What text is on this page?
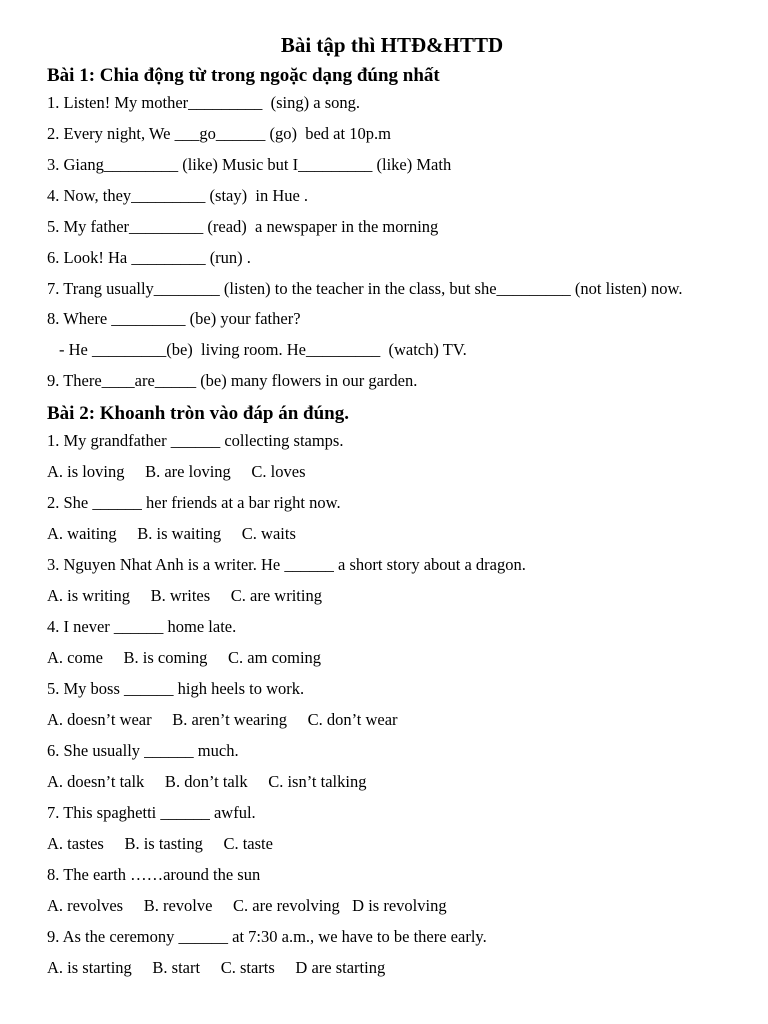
Bài tập thì HTĐ&HTTD
Bài 1: Chia động từ trong ngoặc dạng đúng nhất
1. Listen! My mother_________  (sing) a song.
2. Every night, We ___go______ (go)  bed at 10p.m
3. Giang_________ (like) Music but I_________ (like) Math
4. Now, they_________ (stay)  in Hue .
5. My father_________ (read)  a newspaper in the morning
6. Look! Ha _________ (run) .
7. Trang usually________ (listen) to the teacher in the class, but she_________ (not listen) now.
8. Where _________ (be) your father?
- He _________(be)  living room. He_________  (watch) TV.
9. There____are_____ (be) many flowers in our garden.
Bài 2: Khoanh tròn vào đáp án đúng.
1. My grandfather ______ collecting stamps.
A. is loving     B. are loving     C. loves
2. She ______ her friends at a bar right now.
A. waiting     B. is waiting     C. waits
3. Nguyen Nhat Anh is a writer. He ______ a short story about a dragon.
A. is writing     B. writes     C. are writing
4. I never ______ home late.
A. come     B. is coming     C. am coming
5. My boss ______ high heels to work.
A. doesn’t wear     B. aren’t wearing     C. don’t wear
6. She usually ______ much.
A. doesn’t talk     B. don’t talk     C. isn’t talking
7. This spaghetti ______ awful.
A. tastes     B. is tasting     C. taste
8. The earth ……around the sun
A. revolves     B. revolve     C. are revolving   D is revolving
9. As the ceremony ______ at 7:30 a.m., we have to be there early.
A. is starting     B. start     C. starts     D are starting
